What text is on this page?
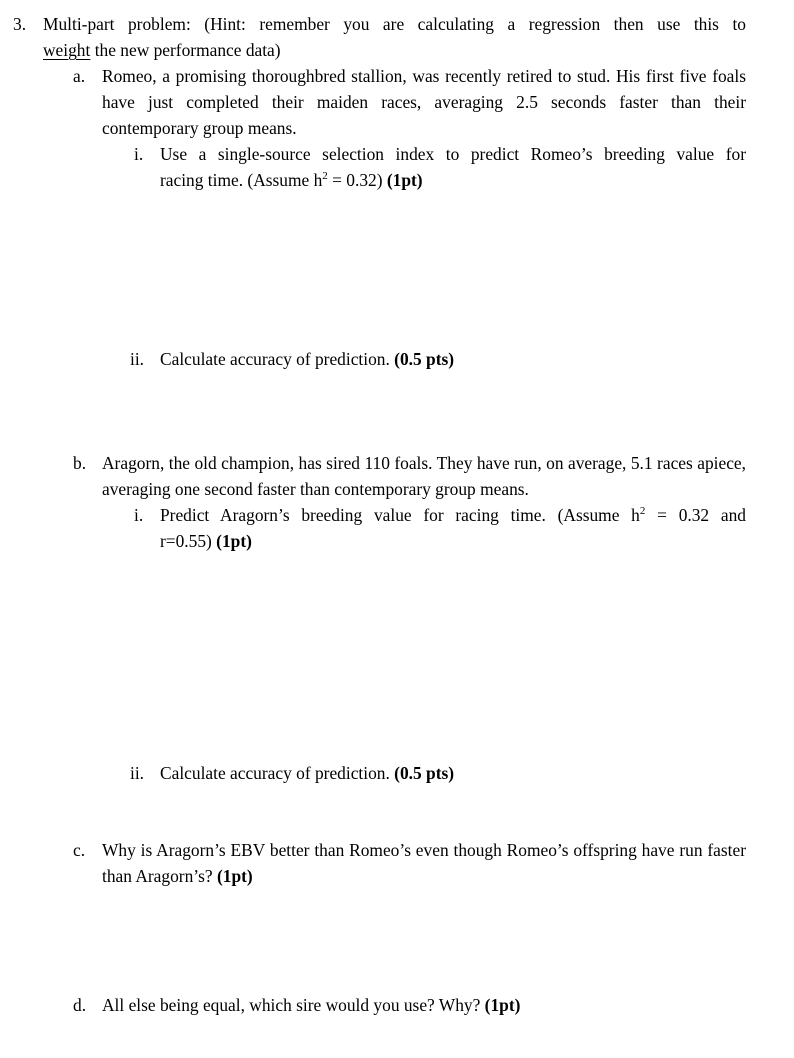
3. Multi-part problem: (Hint: remember you are calculating a regression then use this to
weight the new performance data)
a. Romeo, a promising thoroughbred stallion, was recently retired to stud. His first five foals have just completed their maiden races, averaging 2.5 seconds faster than their contemporary group means.
i. Use a single-source selection index to predict Romeo’s breeding value for
racing time. (Assume $h^2 = 0.32$) (1pt)
ii. Calculate accuracy of prediction. (0.5 pts)
b. Aragorn, the old champion, has sired 110 foals. They have run, on average, 5.1 races apiece, averaging one second faster than contemporary group means.
i. Predict Aragorn’s breeding value for racing time. (Assume $h^2 = 0.32$ and
r=0.55) (1pt)
ii. Calculate accuracy of prediction. (0.5 pts)
c. Why is Aragorn’s EBV better than Romeo’s even though Romeo’s offspring have run faster than Aragorn’s? (1pt)
d. All else being equal, which sire would you use? Why? (1pt)
